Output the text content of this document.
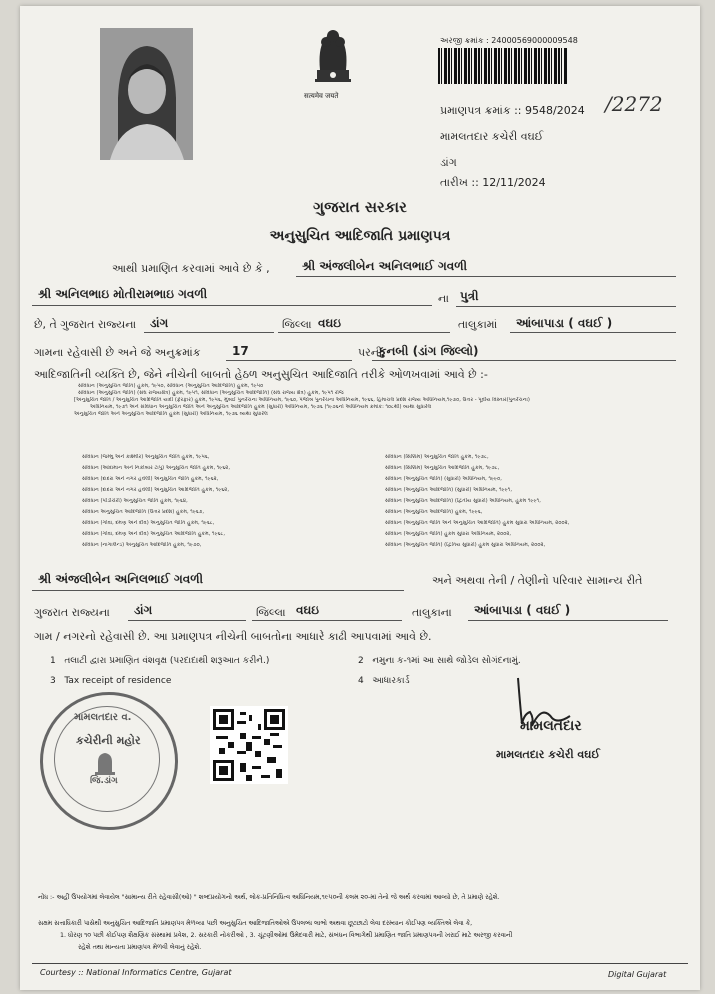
सत्यमेव जयते
અરજી ક્રમાંક : 24000569000009548
પ્રમાણપત્ર ક્રમાંક :: 9548/2024 /2272
મામલતદાર કચેરી વઘઈ
ડાંગ
તારીખ :: 12/11/2024
ગુજરાત સરકાર
અનુસુચિત આદિજાતિ પ્રમાણપત્ર
આથી પ્રમાણિત કરવામાં આવે છે કે ,	શ્રી અંજલીબેન અનિલભાઈ ગવળી
શ્રી અનિલભાઇ મોતીરામભાઇ ગવળી	ના પુત્રી
છે, તે ગુજરાત રાજ્યના ડાંગ	જિલ્લા વઘઇ	તાલુકામાં આંબાપાડા ( વઘઈ )
ગામના રહેવાસી છે અને જે અનુક્રમાંક	17	પરની
કુનબી (ડાંગ જિલ્લો)
આદિજાતિની વ્યક્તિ છે, જેને નીચેની બાબતો હેઠળ અનુસુચિત આદિજાતિ તરીકે ઓળખવામાં આવે છે :-
સંવિધાન (અનુસુચિત જાતિ) હુકમ, ૧૯૫૦, સંવિધાન (અનુસુચિત આદિજાતિ) હુકમ, ૧૯૫૦
સંવિધાન (અનુસુચિત જાતિ) (સંઘ રાજ્યક્ષેત્ર) હુકમ, ૧૯૫૧, સંવિધાન (અનુસુચિત આદિજાતિ) (સંઘ રાજ્ય ક્ષેત્ર) હુકમ, ૧૯૫૧ રોજ
[અનુસુચિત જાતિ / અનુસુચિત આદિજાતિ યાદી (ફેરફાર) હુકમ, ૧૯૫૬, મુંબઈ પુનર્રચના અધિનિયમ, ૧૯૬૦, પંજાબ પુનર્રચના અધિનિયમ, ૧૯૬૬, હિમાચલ પ્રદેશ રાજ્ય અધિનિયમ,૧૯૭૦, ઉત્તર - પૂર્વીય વિસ્તાર(પુનર્રચના)
અધિનિયમ, ૧૯૭૧ અને સંવિધાન અનુસુચિત જાતિ અને અનુસુચિત આદિજાતિ હુકમ (સુધારો) અધિનિયમ, ૧૯૭૬ (૧૯૭૬નો અધિનિયમ ક્રમાંક: ૧૦૮થી) વ્યથા સુધારેલ
અનુસુચિત જાતિ અને અનુસુચિત આદિજાતિ હુકમ (સુધારો) અધિનિયમ, ૧૯૭૬ વ્યથા સુધારેલ
સંવિધાન (જમ્મુ અને કાશ્મીર) અનુસુચિત જાતિ હુકમ, ૧૯૫૬,
સંવિધાન (આંદામાન અને નિકોબાર ટાપુ) અનુસુચિત જાતિ હુકમ, ૧૯૬૨,
સંવિધાન (દાદરા અને નગર હવેલી) અનુસુચિત જાતિ હુકમ, ૧૯૬૨,
સંવિધાન (દાદરા અને નગર હવેલી) અનુસુચિત આદિજાતિ હુકમ, ૧૯૬૨,
સંવિધાન (પોંડીચેરી) અનુસુચિત જાતિ હુકમ, ૧૯૬૪,
સંવિધાન અનુસુચિત આદિજાતિ (ઉત્તર પ્રદેશ) હુકમ, ૧૯૬૭,
સંવિધાન (ગોવા, દમણ અને દીવ) અનુસુચિત જાતિ હુકમ, ૧૯૬૮,
સંવિધાન (ગોવા, દમણ અને દીવ) અનુસુચિત આદિજાતિ હુકમ, ૧૯૬૮,
સંવિધાન (નાગાલેન્ડ) અનુસુચિત આદિજાતિ હુકમ, ૧૯૭૦,
સંવિધાન (સિક્કિમ) અનુસુચિત જાતિ હુકમ, ૧૯૭૮,
સંવિધાન (સિક્કિમ) અનુસુચિત આદિજાતિ હુકમ, ૧૯૭૮,
સંવિધાન (અનુસુચિત જાતિ) (સુધારો) અધિનિયમ, ૧૯૯૦,
સંવિધાન (અનુસુચિત આદિજાતિ) (સુધારો) અધિનિયમ, ૧૯૯૧,
સંવિધાન (અનુસુચિત આદિજાતિ) (દ્વિતીય સુધારો) અધિનિયમ, હુકમ ૧૯૯૧,
સંવિધાન (અનુસુચિત આદિજાતિ) હુકમ, ૧૯૯૬,
સંવિધાન (અનુસુચિત જાતિ અને અનુસુચિત આદિજાતિ) હુકમ સુધારા અધિનિયમ, ૨૦૦૨,
સંવિધાન (અનુસુચિત જાતિ) હુકમ સુધારા અધિનિયમ, ૨૦૦૨,
સંવિધાન (અનુસુચિત જાતિ) (દ્વિતિય સુધારો) હુકમ સુધારા અધિનિયમ, ૨૦૦૨,
શ્રી અંજલીબેન અનિલભાઈ ગવળી	અને અથવા તેની / તેણીનો પરિવાર સામાન્ય રીતે
ગુજરાત રાજ્યના ડાંગ	જિલ્લા વઘઇ	તાલુકાના આંબાપાડા ( વઘઈ )
ગામ / નગરનો રહેવાસી છે. આ પ્રમાણપત્ર નીચેની બાબતોના આધારે કાઢી આપવામાં આવે છે.
1 તલાટી દ્વારા પ્રમાણિત વંશવૃક્ષ (પરદાદાથી શરૂઆત કરીને.)	2 નમુના ક-૧માં આ સાથે જોડેલ સોગંદનામું.
3 Tax receipt of residence	4 આધારકાર્ડ
મામલતદાર વ.
કચેરીની મહોર
જિ.ડાંગ
મામલતદાર
મામલતદાર કચેરી વઘઈ
નોંધ :- અહીં ઉપયોગમાં લેવાયેલ "સામાન્ય રીતે રહેવાસી(ઓ) " શબ્દપ્રયોગનો અર્થ, લોક-પ્રતિનિધિત્વ અધિનિયમ,૧૯૫૦ની કલમ ૨૦-માં તેનો જે અર્થ કરવામાં આવ્યો છે, તે પ્રમાણે રહેશે.
સક્ષમ સત્તાધિકારી પાસેથી અનુસુચિત આદિજાતિ પ્રમાણપત્ર મેળવ્યા પછી અનુસુચિત આદિજાતિઓએ ઉપલબ્ધ લાભો અથવા છૂટછાટો લેવા દરમ્યાન કોઈપણ વ્યક્તિએ લેવા કે,
1. ધોરણ ૧૦ પછી કોઈપણ શૈક્ષણિક સંસ્થામાં પ્રવેશ, 2. સરકારી નોકરીઓ , 3. ચૂંટણીઓમાં ઉમેદવારી માટે, સંબંધન વિભાગેથી પ્રમાણિત જાતિ પ્રમાણપત્રની ખરાઈ માટે અરજી કરવાની
રહેશે તથા માન્યતા પ્રમાણપત્ર મેળવી લેવાનું રહેશે.
Courtesy :: National Informatics Centre, Gujarat	Digital Gujarat
